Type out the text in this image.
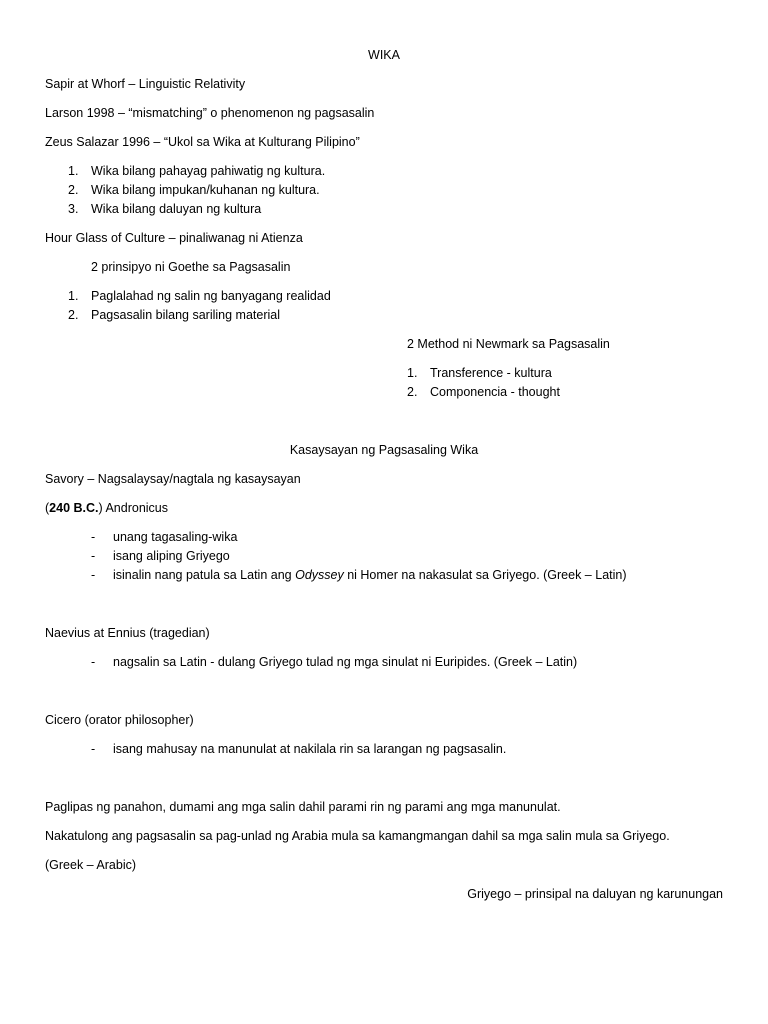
WIKA
Sapir at Whorf – Linguistic Relativity
Larson 1998 – “mismatching” o phenomenon ng pagsasalin
Zeus Salazar 1996 – “Ukol sa Wika at Kulturang Pilipino”
1. Wika bilang pahayag pahiwatig ng kultura.
2. Wika bilang impukan/kuhanan ng kultura.
3. Wika bilang daluyan ng kultura
Hour Glass of Culture – pinaliwanag ni Atienza
2 prinsipyo ni Goethe sa Pagsasalin
1. Paglalahad ng salin ng banyagang realidad
2. Pagsasalin bilang sariling material
2 Method ni Newmark sa Pagsasalin
1. Transference - kultura
2. Componencia - thought
Kasaysayan ng Pagsasaling Wika
Savory – Nagsalaysay/nagtala ng kasaysayan
(240 B.C.) Andronicus
- unang tagasaling-wika
- isang aliping Griyego
- isinalin nang patula sa Latin ang Odyssey ni Homer na nakasulat sa Griyego. (Greek – Latin)
Naevius at Ennius (tragedian)
- nagsalin sa Latin - dulang Griyego tulad ng mga sinulat ni Euripides. (Greek – Latin)
Cicero (orator philosopher)
- isang mahusay na manunulat at nakilala rin sa larangan ng pagsasalin.
Paglipas ng panahon, dumami ang mga salin dahil parami rin ng parami ang mga manunulat.
Nakatulong ang pagsasalin sa pag-unlad ng Arabia mula sa kamangmangan dahil sa mga salin mula sa Griyego.
(Greek – Arabic)
Griyego – prinsipal na daluyan ng karunungan
